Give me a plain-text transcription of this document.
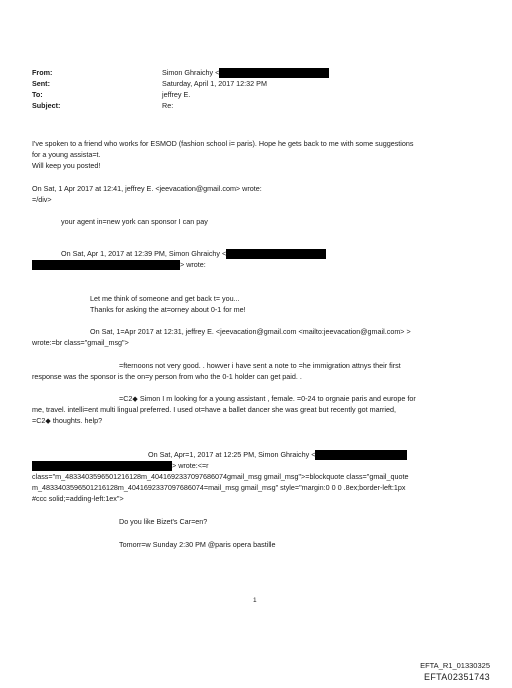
From:	Simon Ghraichy <
Sent:	Saturday, April 1, 2017 12:32 PM
To:	jeffrey E.
Subject:	Re:
I've spoken to a friend who works for ESMOD (fashion school i= paris). Hope he gets back to me with some suggestions
for a young assista=t.
Will keep you posted!
On Sat, 1 Apr 2017 at 12:41, jeffrey E. <jeevacation@gmail.com> wrote:
=/div>
your agent in=new york can sponsor I can pay
On Sat, Apr 1, 2017 at 12:39 PM, Simon Ghraichy <
> wrote:
Let me think of someone and get back t= you...
Thanks for asking the at=orney about 0-1 for me!
On Sat, 1=Apr 2017 at 12:31, jeffrey E. <jeevacation@gmail.com <mailto:jeevacation@gmail.com> >
wrote:=br class="gmail_msg">
=fternoons not very good. . howver i have sent a note to =he immigration attnys their first
response was the sponsor is the on=y person from who the 0-1 holder can get paid. .
=C2◆ Simon I m looking for a young assistant , female. =0-24 to orgnaie paris and europe for
me, travel. intelli=ent multi lingual preferred. I used ot=have a ballet dancer she was great but recently got married,
=C2◆ thoughts. help?
On Sat, Apr=1, 2017 at 12:25 PM, Simon Ghraichy <
> wrote:<=r
class="m_4833403596501216128m_4041692337097686074gmail_msg gmail_msg">=blockquote class="gmail_quote
m_4833403596501216128m_4041692337097686074=mail_msg gmail_msg" style="margin:0 0 0 .8ex;border-left:1px
#ccc solid;=adding-left:1ex">
Do you like Bizet's Car=en?
Tomorr=w Sunday 2:30 PM @paris opera bastille
1
EFTA_R1_01330325
EFTA02351743
